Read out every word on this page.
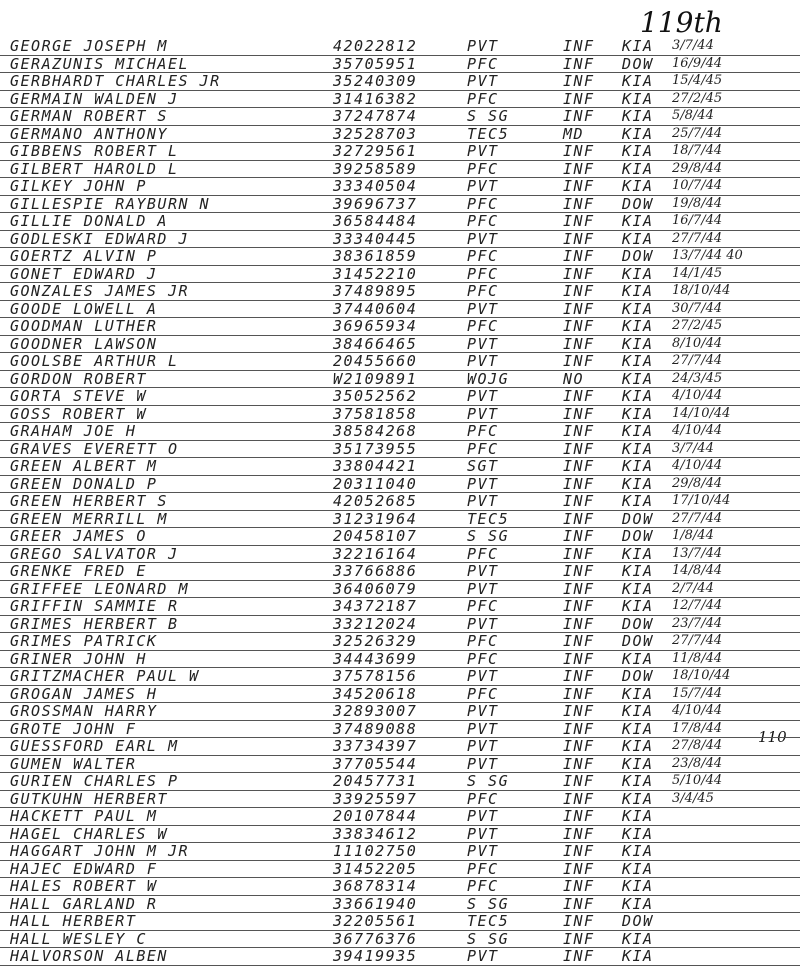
119th
110
GEORGE JOSEPH M	42022812	PVT	INF KIA 3/7/44
GERAZUNIS MICHAEL	35705951	PFC	INF DOW 16/9/44
GERBHARDT CHARLES JR	35240309	PVT	INF KIA 15/4/45
GERMAIN WALDEN J	31416382	PFC	INF KIA 27/2/45
GERMAN ROBERT S	37247874	S SG	INF KIA 5/8/44
GERMANO ANTHONY	32528703	TEC5	MD	KIA 25/7/44
GIBBENS ROBERT L	32729561	PVT	INF KIA 18/7/44
GILBERT HAROLD L	39258589	PFC	INF KIA 29/8/44
GILKEY JOHN P	33340504	PVT	INF KIA 10/7/44
GILLESPIE RAYBURN N	39696737	PFC	INF DOW 19/8/44
GILLIE DONALD A	36584484	PFC	INF KIA 16/7/44
GODLESKI EDWARD J	33340445	PVT	INF KIA 27/7/44
GOERTZ ALVIN P	38361859	PFC	INF DOW 13/7/44 40
GONET EDWARD J	31452210	PFC	INF KIA 14/1/45
GONZALES JAMES JR	37489895	PFC	INF KIA 18/10/44
GOODE LOWELL A	37440604	PVT	INF KIA 30/7/44
GOODMAN LUTHER	36965934	PFC	INF KIA 27/2/45
GOODNER LAWSON	38466465	PVT	INF KIA 8/10/44
GOOLSBE ARTHUR L	20455660	PVT	INF KIA 27/7/44
GORDON ROBERT	W2109891	WOJG	NO	KIA 24/3/45
GORTA STEVE W	35052562	PVT	INF KIA 4/10/44
GOSS ROBERT W	37581858	PVT	INF KIA 14/10/44
GRAHAM JOE H	38584268	PFC	INF KIA 4/10/44
GRAVES EVERETT O	35173955	PFC	INF KIA 3/7/44
GREEN ALBERT M	33804421	SGT	INF KIA 4/10/44
GREEN DONALD P	20311040	PVT	INF KIA 29/8/44
GREEN HERBERT S	42052685	PVT	INF KIA 17/10/44
GREEN MERRILL M	31231964	TEC5	INF DOW 27/7/44
GREER JAMES O	20458107	S SG	INF DOW 1/8/44
GREGO SALVATOR J	32216164	PFC	INF KIA 13/7/44
GRENKE FRED E	33766886	PVT	INF KIA 14/8/44
GRIFFEE LEONARD M	36406079	PVT	INF KIA 2/7/44
GRIFFIN SAMMIE R	34372187	PFC	INF KIA 12/7/44
GRIMES HERBERT B	33212024	PVT	INF DOW 23/7/44
GRIMES PATRICK	32526329	PFC	INF DOW 27/7/44
GRINER JOHN H	34443699	PFC	INF KIA 11/8/44
GRITZMACHER PAUL W	37578156	PVT	INF DOW 18/10/44
GROGAN JAMES H	34520618	PFC	INF KIA 15/7/44
GROSSMAN HARRY	32893007	PVT	INF KIA 4/10/44
GROTE JOHN F	37489088	PVT	INF KIA 17/8/44
GUESSFORD EARL M	33734397	PVT	INF KIA 27/8/44
GUMEN WALTER	37705544	PVT	INF KIA 23/8/44
GURIEN CHARLES P	20457731	S SG	INF KIA 5/10/44
GUTKUHN HERBERT	33925597	PFC	INF KIA 3/4/45
HACKETT PAUL M	20107844	PVT	INF KIA
HAGEL CHARLES W	33834612	PVT	INF KIA
HAGGART JOHN M JR	11102750	PVT	INF KIA
HAJEC EDWARD F	31452205	PFC	INF KIA
HALES ROBERT W	36878314	PFC	INF KIA
HALL GARLAND R	33661940	S SG	INF KIA
HALL HERBERT	32205561	TEC5	INF DOW
HALL WESLEY C	36776376	S SG	INF KIA
HALVORSON ALBEN	39419935	PVT	INF KIA
